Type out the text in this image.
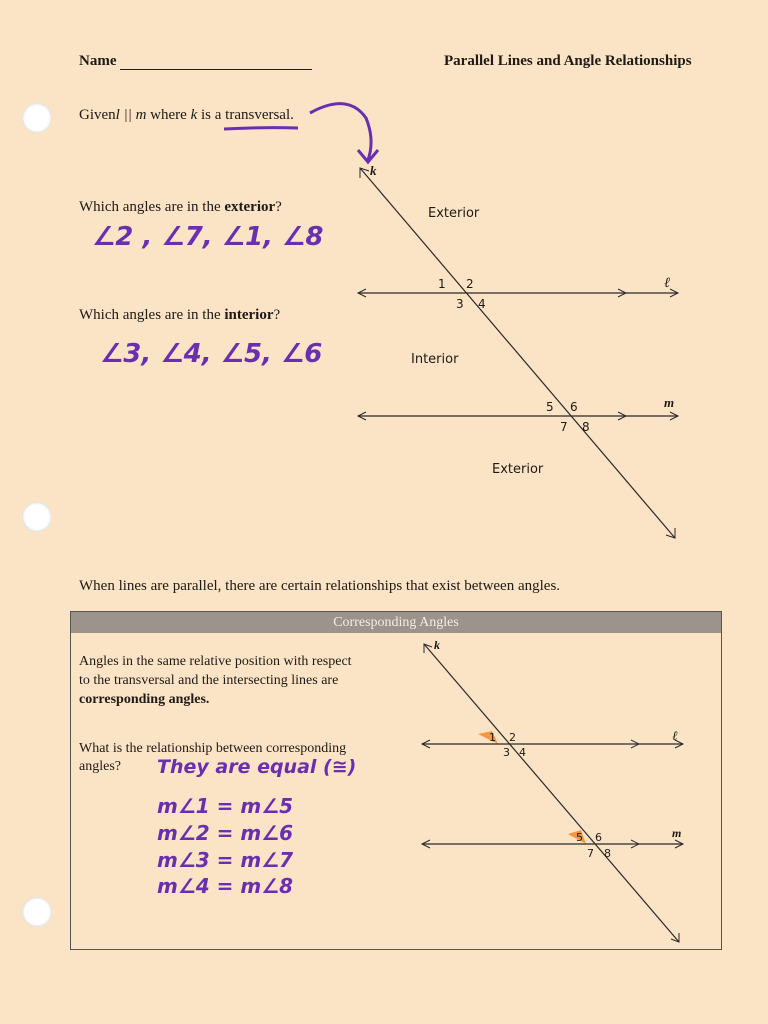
Name	Parallel Lines and Angle Relationships
Givenl || m where k is a transversal.
Which angles are in the exterior?
∠2 , ∠7, ∠1, ∠8
Which angles are in the interior?
∠3, ∠4, ∠5, ∠6
Exterior
Interior
Exterior
ℓ
m
k
1 2
3 4
5 6
7 8
When lines are parallel, there are certain relationships that exist between angles.
Corresponding Angles
Angles in the same relative position with respect
to the transversal and the intersecting lines are
corresponding angles.
What is the relationship between corresponding
angles?	They are equal (≅)
m∠1 = m∠5
m∠2 = m∠6
m∠3 = m∠7
m∠4 = m∠8
k
ℓ
m
1 2
3 4
5 6
7 8
